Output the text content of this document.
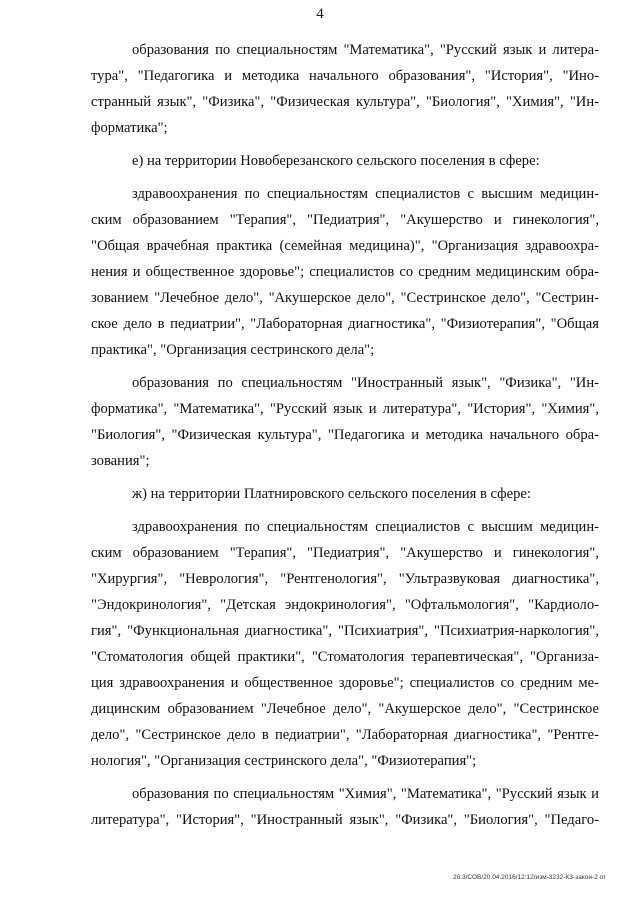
4
образования по специальностям "Математика", "Русский язык и литера-
тура", "Педагогика и методика начального образования", "История", "Ино-
странный язык", "Физика", "Физическая культура", "Биология", "Химия", "Ин-
форматика";
е) на территории Новоберезанского сельского поселения в сфере:
здравоохранения по специальностям специалистов с высшим медицин-
ским образованием "Терапия", "Педиатрия", "Акушерство и гинекология",
"Общая врачебная практика (семейная медицина)", "Организация здравоохра-
нения и общественное здоровье"; специалистов со средним медицинским обра-
зованием "Лечебное дело", "Акушерское дело", "Сестринское дело", "Сестрин-
ское дело в педиатрии", "Лабораторная диагностика", "Физиотерапия", "Общая
практика", "Организация сестринского дела";
образования по специальностям "Иностранный язык", "Физика", "Ин-
форматика", "Математика", "Русский язык и литература", "История", "Химия",
"Биология", "Физическая культура", "Педагогика и методика начального обра-
зования";
ж) на территории Платнировского сельского поселения в сфере:
здравоохранения по специальностям специалистов с высшим медицин-
ским образованием "Терапия", "Педиатрия", "Акушерство и гинекология",
"Хирургия", "Неврология", "Рентгенология", "Ультразвуковая диагностика",
"Эндокринология", "Детская эндокринология", "Офтальмология", "Кардиоло-
гия", "Функциональная диагностика", "Психиатрия", "Психиатрия-наркология",
"Стоматология общей практики", "Стоматология терапевтическая", "Организа-
ция здравоохранения и общественное здоровье"; специалистов со средним ме-
дицинским образованием "Лечебное дело", "Акушерское дело", "Сестринское
дело", "Сестринское дело в педиатрии", "Лабораторная диагностика", "Рентге-
нология", "Организация сестринского дела", "Физиотерапия";
образования по специальностям "Химия", "Математика", "Русский язык и
литература", "История", "Иностранный язык", "Физика", "Биология", "Педаго-
20.3/СОВ/20.04.2016/12:12/изм-3232-КЗ-закон-2 от
